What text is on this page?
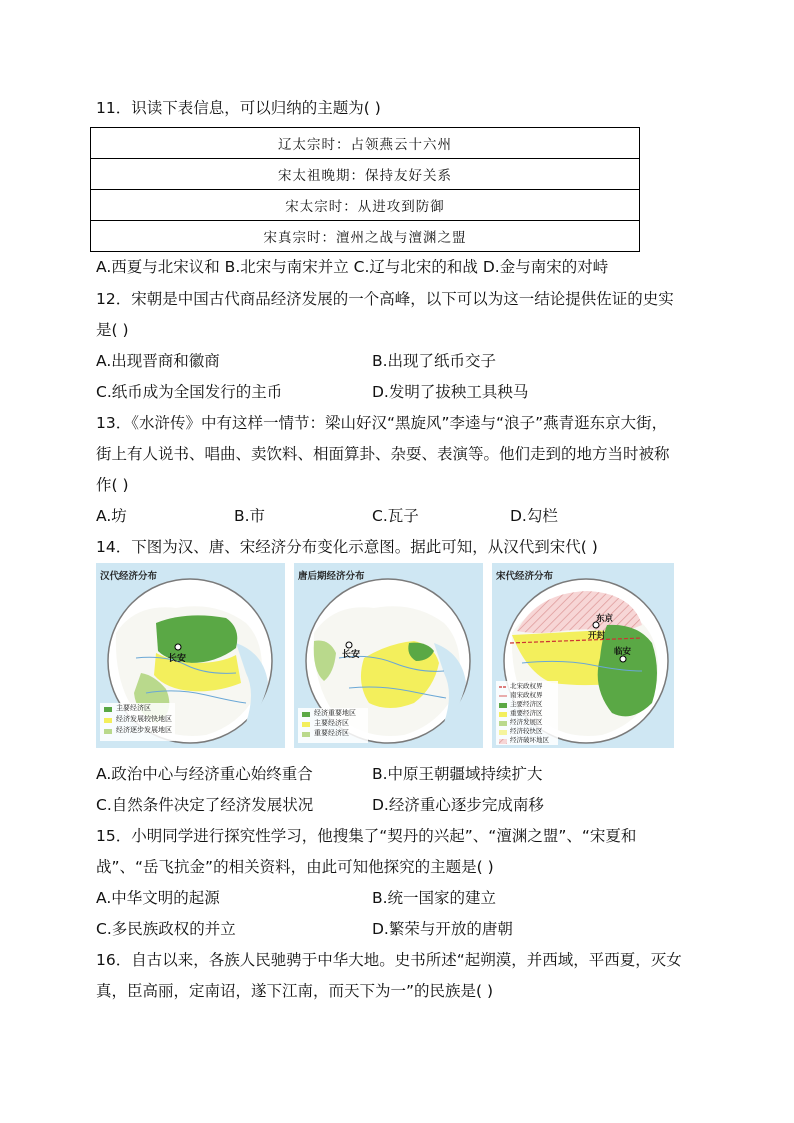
11．识读下表信息，可以归纳的主题为( )
辽太宗时：占领燕云十六州
宋太祖晚期：保持友好关系
宋太宗时：从进攻到防御
宋真宗时：澶州之战与澶渊之盟
A.西夏与北宋议和 B.北宋与南宋并立 C.辽与北宋的和战 D.金与南宋的对峙
12．宋朝是中国古代商品经济发展的一个高峰，以下可以为这一结论提供佐证的史实
是( )
A.出现晋商和徽商	B.出现了纸币交子
C.纸币成为全国发行的主币	D.发明了拔秧工具秧马
13．《水浒传》中有这样一情节：梁山好汉“黑旋风”李逵与“浪子”燕青逛东京大街，
街上有人说书、唱曲、卖饮料、相面算卦、杂耍、表演等。他们走到的地方当时被称
作( )
A.坊	B.市	C.瓦子	D.勾栏
14．下图为汉、唐、宋经济分布变化示意图。据此可知，从汉代到宋代( )
汉代经济分布
长安
主要经济区
经济发展较快地区
经济逐步发展地区
唐后期经济分布
长安
经济重要地区
主要经济区
重要经济区
宋代经济分布
东京
开封
临安
北宋政权界
南宋政权界
主要经济区
重要经济区
经济发展区
经济较快区
经济破坏地区
A.政治中心与经济重心始终重合	B.中原王朝疆域持续扩大
C.自然条件决定了经济发展状况	D.经济重心逐步完成南移
15．小明同学进行探究性学习，他搜集了“契丹的兴起”、“澶渊之盟”、“宋夏和
战”、“岳飞抗金”的相关资料，由此可知他探究的主题是( )
A.中华文明的起源	B.统一国家的建立
C.多民族政权的并立	D.繁荣与开放的唐朝
16．自古以来，各族人民驰骋于中华大地。史书所述“起朔漠，并西域，平西夏，灭女
真，臣高丽，定南诏，遂下江南，而天下为一”的民族是( )
